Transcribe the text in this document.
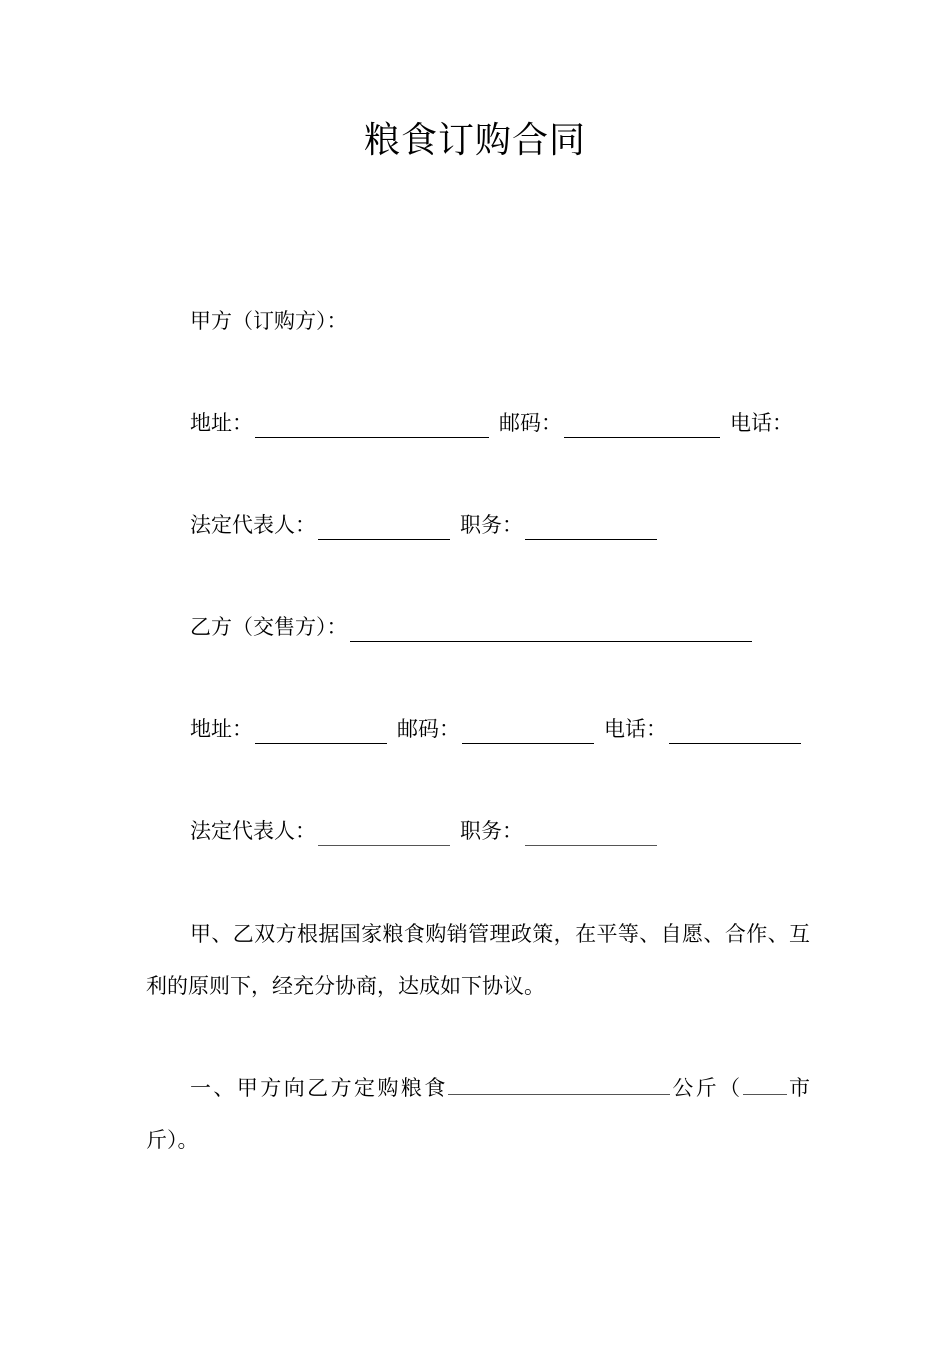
粮食订购合同
甲方（订购方）：
地址：	邮码：	电话：
法定代表人：	职务：
乙方（交售方）：
地址：	邮码：	电话：
法定代表人：	职务：
甲、乙双方根据国家粮食购销管理政策，在平等、自愿、合作、互利的原则下，经充分协商，达成如下协议。
一、甲方向乙方定购粮食	公斤（ 市斤）。
